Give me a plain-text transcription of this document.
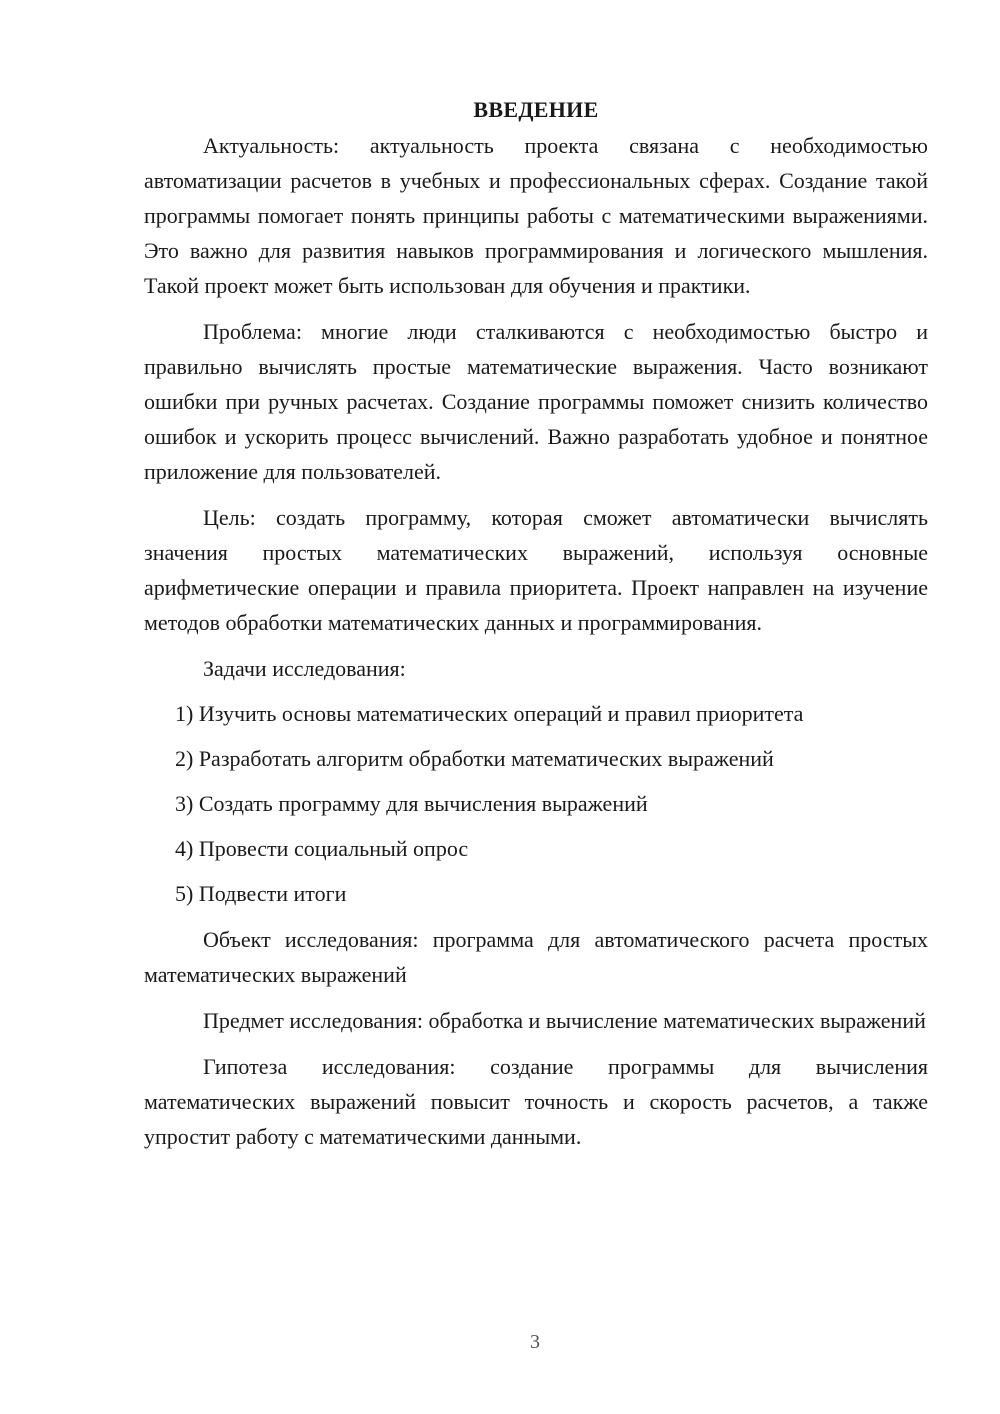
ВВЕДЕНИЕ

Актуальность: актуальность проекта связана с необходимостью автоматизации расчетов в учебных и профессиональных сферах. Создание такой программы помогает понять принципы работы с математическими выражениями. Это важно для развития навыков программирования и логического мышления. Такой проект может быть использован для обучения и практики.

Проблема: многие люди сталкиваются с необходимостью быстро и правильно вычислять простые математические выражения. Часто возникают ошибки при ручных расчетах. Создание программы поможет снизить количество ошибок и ускорить процесс вычислений. Важно разработать удобное и понятное приложение для пользователей.

Цель: создать программу, которая сможет автоматически вычислять значения простых математических выражений, используя основные арифметические операции и правила приоритета. Проект направлен на изучение методов обработки математических данных и программирования.

Задачи исследования:
1) Изучить основы математических операций и правил приоритета
2) Разработать алгоритм обработки математических выражений
3) Создать программу для вычисления выражений
4) Провести социальный опрос
5) Подвести итоги

Объект исследования: программа для автоматического расчета простых математических выражений

Предмет исследования: обработка и вычисление математических выражений

Гипотеза исследования: создание программы для вычисления математических выражений повысит точность и скорость расчетов, а также упростит работу с математическими данными.

3
